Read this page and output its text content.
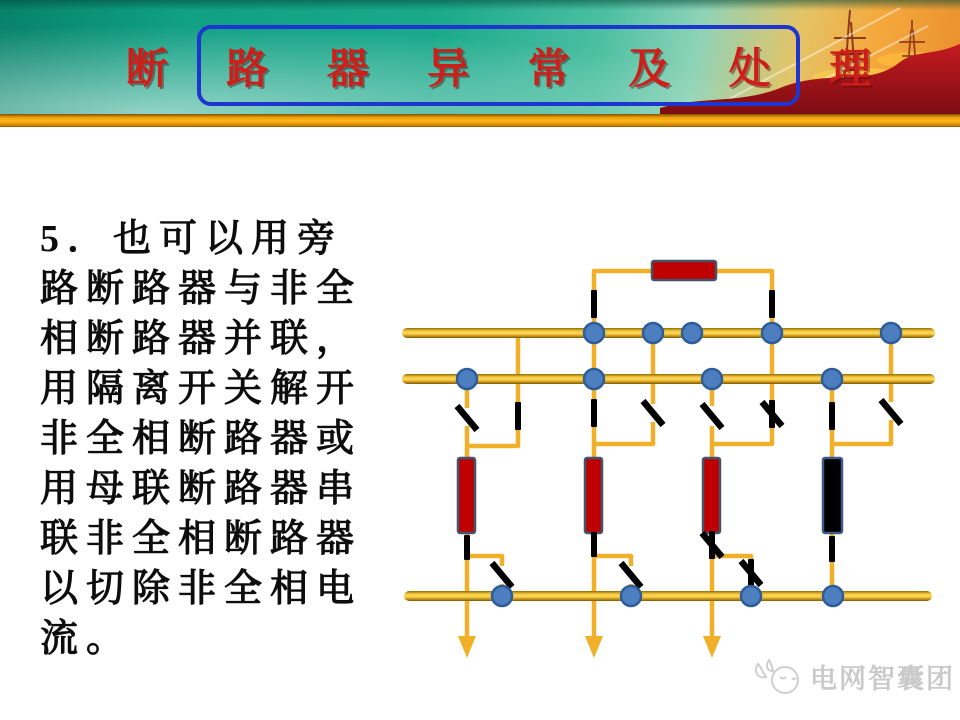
断 路 器 异 常 及 处 理
5．也可以用旁
路断路器与非全
相断路器并联，
用隔离开关解开
非全相断路器或
用母联断路器串
联非全相断路器
以切除非全相电
流。
电网智囊团
